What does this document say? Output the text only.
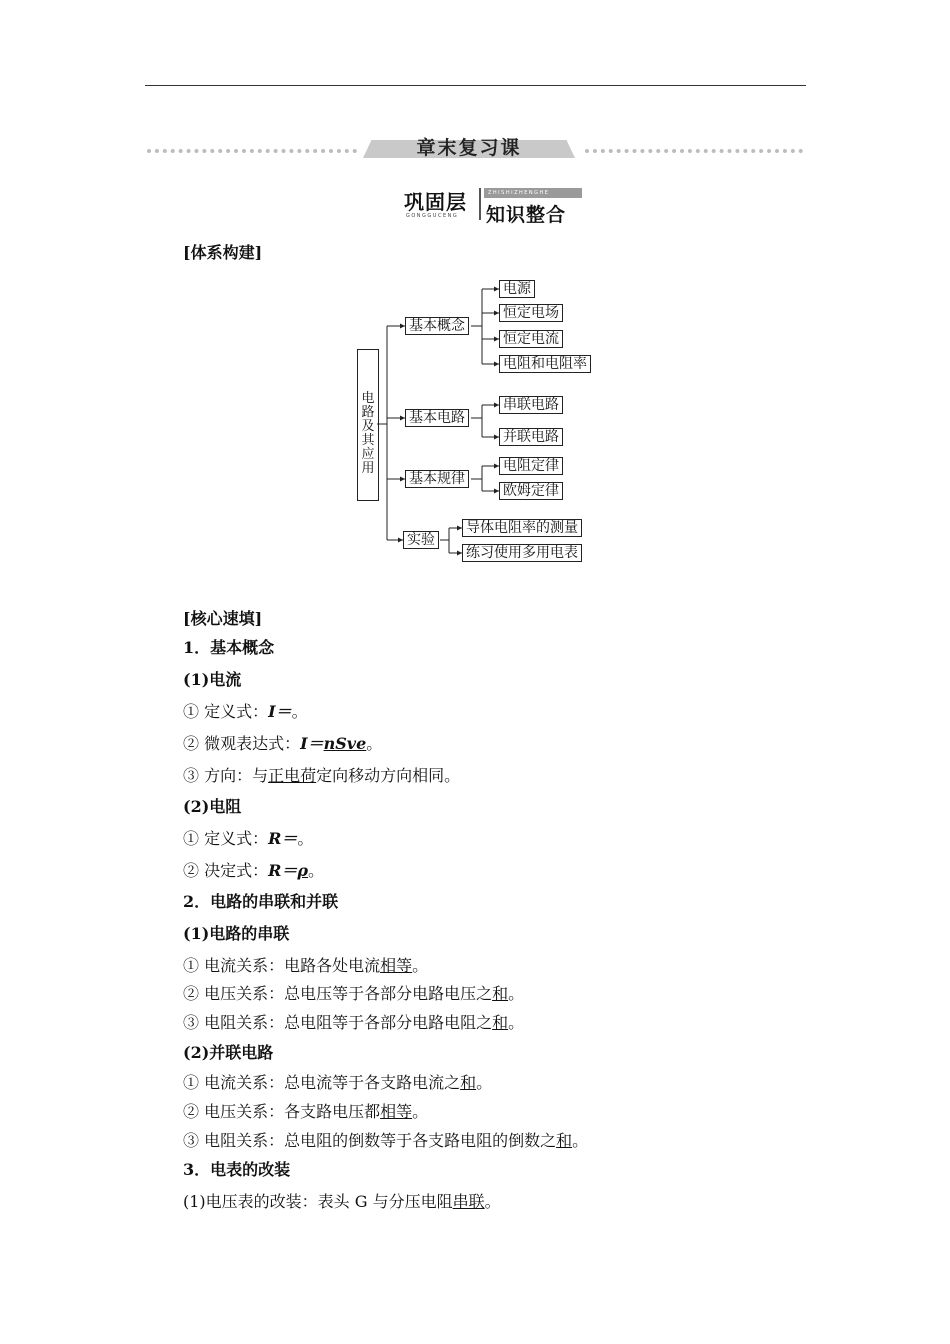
章末复习课
巩固层
GONGGUCENG
ZHISHIZHENGHE
知识整合
[体系构建]
电路及其应用
基本概念
基本电路
基本规律
实验
电源
恒定电场
恒定电流
电阻和电阻率
串联电路
并联电路
电阻定律
欧姆定律
导体电阻率的测量
练习使用多用电表
[核心速填]
1．基本概念
(1)电流
① 定义式：I＝。
② 微观表达式：I＝nSve。
③ 方向：与正电荷定向移动方向相同。
(2)电阻
① 定义式：R＝。
② 决定式：R＝ρ。
2．电路的串联和并联
(1)电路的串联
① 电流关系：电路各处电流相等。
② 电压关系：总电压等于各部分电路电压之和。
③ 电阻关系：总电阻等于各部分电路电阻之和。
(2)并联电路
① 电流关系：总电流等于各支路电流之和。
② 电压关系：各支路电压都相等。
③ 电阻关系：总电阻的倒数等于各支路电阻的倒数之和。
3．电表的改装
(1)电压表的改装：表头 G 与分压电阻串联。
